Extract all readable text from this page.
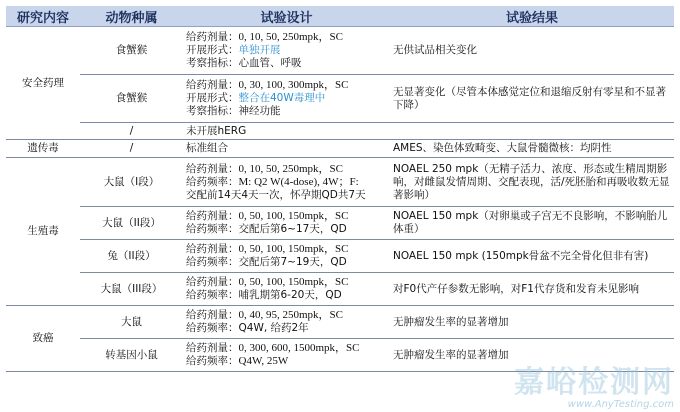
研究内容	动物种属	试验设计	试验结果
安全药理	食蟹猴	给药剂量：0, 10, 50, 250mpk，SC
开展形式：单独开展
考察指标：心血管、呼吸	无供试品相关变化
	食蟹猴	给药剂量：0, 30, 100, 300mpk，SC
开展形式：整合在40W毒理中
考察指标：神经功能	无显著变化（尽管本体感觉定位和退缩反射有零星和不显著下降）
	/	未开展hERG	
遗传毒	/	标准组合	AMES、染色体致畸变、大鼠骨髓微核：均阴性
生殖毒	大鼠（I段）	给药剂量：0, 10, 50, 250mpk，SC
给药频率：M: Q2 W(4-dose), 4W；F:
交配前14天4天一次，怀孕期QD共7天	NOAEL 250 mpk（无精子活力、浓度、形态或生精周期影响，对雌鼠发情周期、交配表现，活/死胚胎和再吸收数无显著影响）
	大鼠（II段）	给药剂量：0, 50, 100, 150mpk，SC
给药频率：交配后第6~17天，QD	NOAEL 150 mpk（对卵巢或子宫无不良影响，不影响胎儿体重）
	兔（II段）	给药剂量：0, 50, 100, 150mpk，SC
给药频率：交配后第7~19天，QD	NOAEL 150 mpk (150mpk骨盆不完全骨化但非有害)
	大鼠（III段）	给药剂量：0, 50, 100, 150mpk，SC
给药频率：哺乳期第6-20天，QD	对F0代产仔参数无影响，对F1代存货和发育未见影响
致癌	大鼠	给药剂量：0, 40, 95, 250mpk，SC
给药频率：Q4W, 给药2年	无肿瘤发生率的显著增加
	转基因小鼠	给药剂量：0, 300, 600, 1500mpk，SC
给药频率：Q4W, 25W	无肿瘤发生率的显著增加
嘉峪检测网
www.AnyTesting.com
